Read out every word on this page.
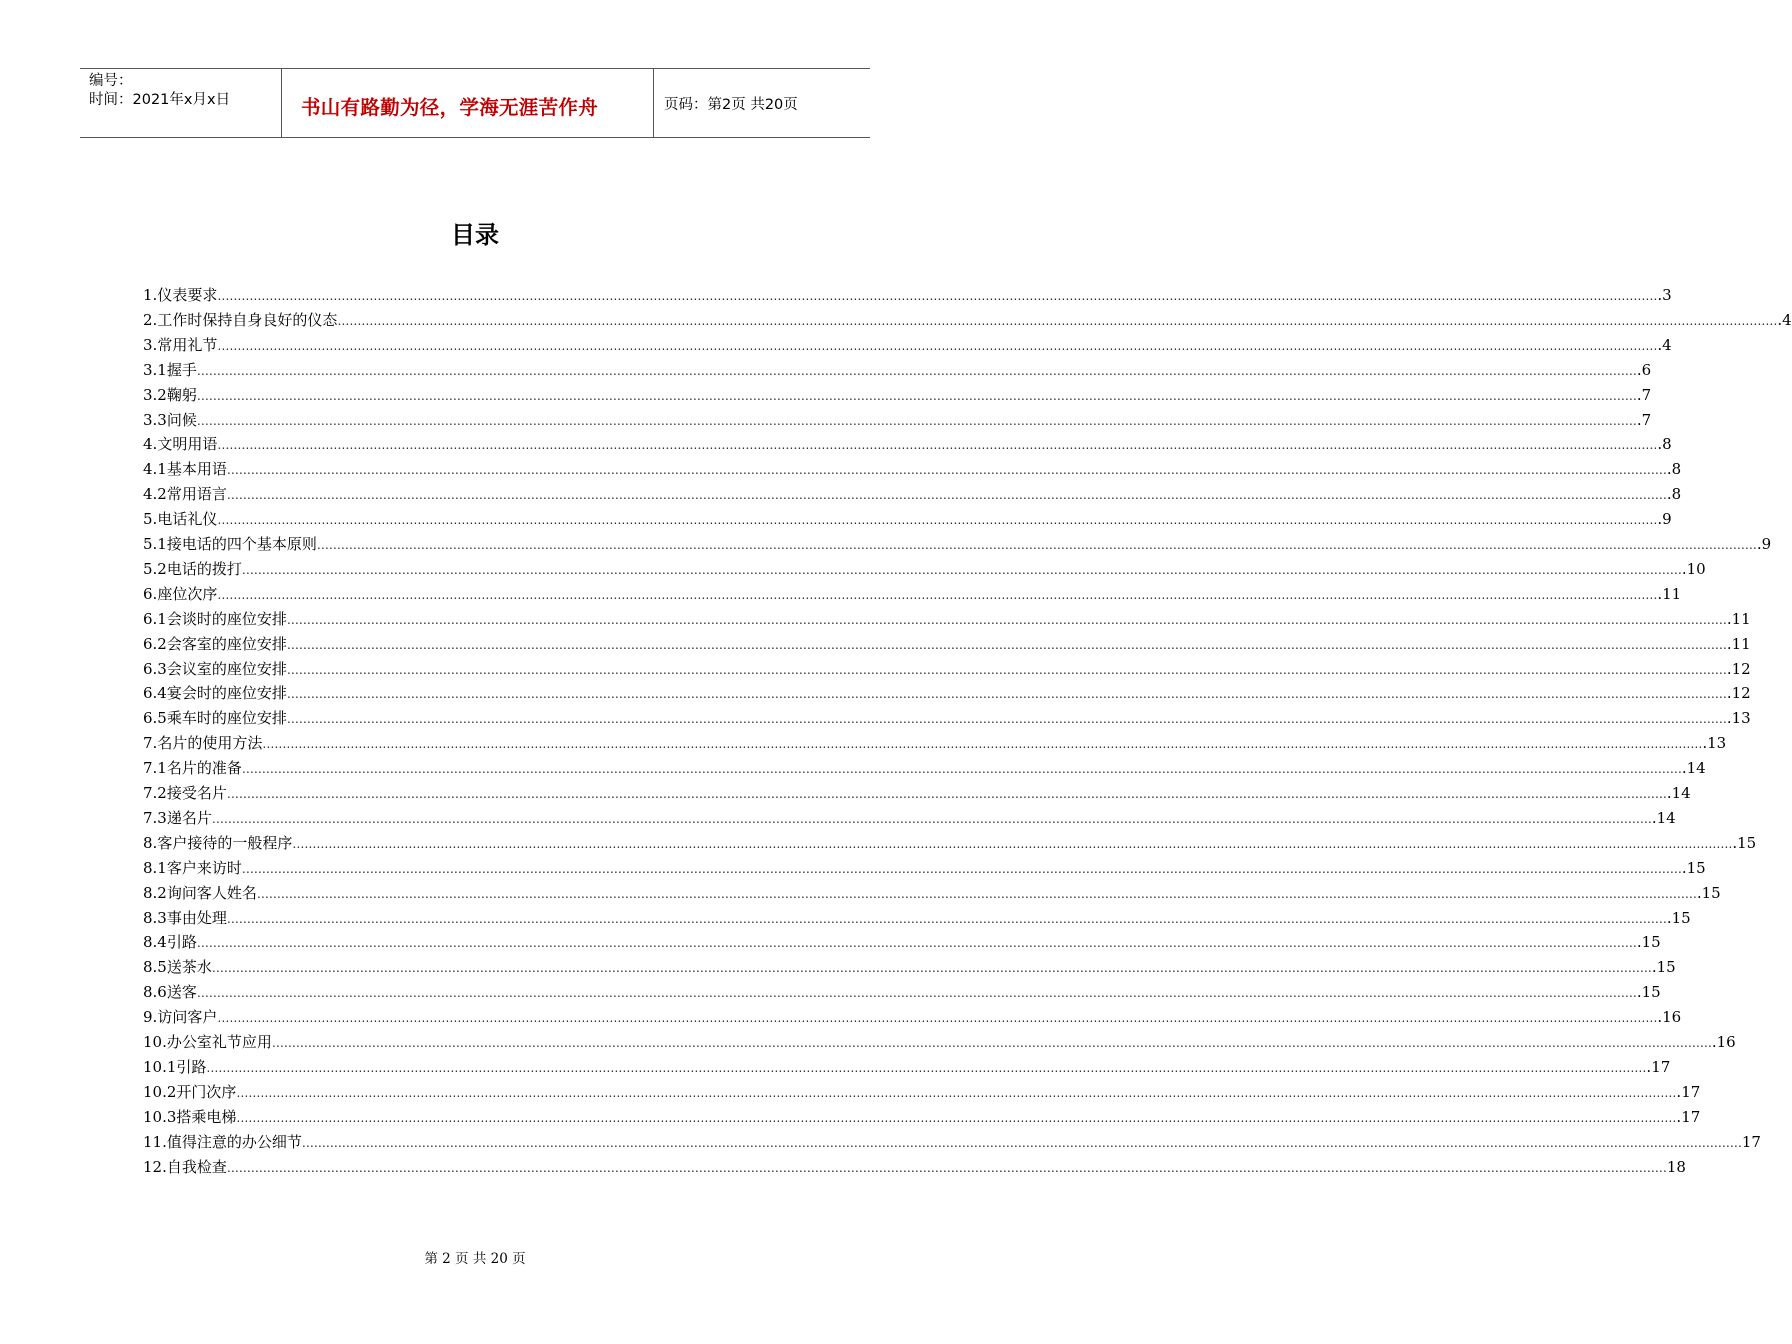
编号：
时间：2021年x月x日	书山有路勤为径，学海无涯苦作舟	页码：第2页 共20页
目录
1. 仪表要求 ……………………………………………………………………………………………………………………………………………………………………………………………………………………………………………………………………………………………………………………………… .3
2. 工作时保持自身良好的仪态 ……………………………………………………………………………………………………………………………………………………………………………………………………………………………………………………………………………………………………………………………… .4
3. 常用礼节 ……………………………………………………………………………………………………………………………………………………………………………………………………………………………………………………………………………………………………………………………… .4
3.1 握手 ……………………………………………………………………………………………………………………………………………………………………………………………………………………………………………………………………………………………………………………………… .6
3.2 鞠躬 ……………………………………………………………………………………………………………………………………………………………………………………………………………………………………………………………………………………………………………………………… .7
3.3 问候 ……………………………………………………………………………………………………………………………………………………………………………………………………………………………………………………………………………………………………………………………… .7
4. 文明用语 ……………………………………………………………………………………………………………………………………………………………………………………………………………………………………………………………………………………………………………………………… .8
4.1 基本用语 ……………………………………………………………………………………………………………………………………………………………………………………………………………………………………………………………………………………………………………………………… .8
4.2 常用语言 ……………………………………………………………………………………………………………………………………………………………………………………………………………………………………………………………………………………………………………………………… .8
5. 电话礼仪 ……………………………………………………………………………………………………………………………………………………………………………………………………………………………………………………………………………………………………………………………… .9
5.1 接电话的四个基本原则 ……………………………………………………………………………………………………………………………………………………………………………………………………………………………………………………………………………………………………………………………… .9
5.2 电话的拨打 ……………………………………………………………………………………………………………………………………………………………………………………………………………………………………………………………………………………………………………………………… .10
6. 座位次序 ……………………………………………………………………………………………………………………………………………………………………………………………………………………………………………………………………………………………………………………………… .11
6.1 会谈时的座位安排 ……………………………………………………………………………………………………………………………………………………………………………………………………………………………………………………………………………………………………………………………… .11
6.2 会客室的座位安排 ……………………………………………………………………………………………………………………………………………………………………………………………………………………………………………………………………………………………………………………………… .11
6.3 会议室的座位安排 ……………………………………………………………………………………………………………………………………………………………………………………………………………………………………………………………………………………………………………………………… .12
6.4 宴会时的座位安排 ……………………………………………………………………………………………………………………………………………………………………………………………………………………………………………………………………………………………………………………………… .12
6.5 乘车时的座位安排 ……………………………………………………………………………………………………………………………………………………………………………………………………………………………………………………………………………………………………………………………… .13
7. 名片的使用方法 ……………………………………………………………………………………………………………………………………………………………………………………………………………………………………………………………………………………………………………………………… .13
7.1 名片的准备 ……………………………………………………………………………………………………………………………………………………………………………………………………………………………………………………………………………………………………………………………… .14
7.2 接受名片 ……………………………………………………………………………………………………………………………………………………………………………………………………………………………………………………………………………………………………………………………… .14
7.3 递名片 ……………………………………………………………………………………………………………………………………………………………………………………………………………………………………………………………………………………………………………………………… .14
8. 客户接待的一般程序 ……………………………………………………………………………………………………………………………………………………………………………………………………………………………………………………………………………………………………………………………… .15
8.1 客户来访时 ……………………………………………………………………………………………………………………………………………………………………………………………………………………………………………………………………………………………………………………………… .15
8.2 询问客人姓名 ……………………………………………………………………………………………………………………………………………………………………………………………………………………………………………………………………………………………………………………………… .15
8.3 事由处理 ……………………………………………………………………………………………………………………………………………………………………………………………………………………………………………………………………………………………………………………………… .15
8.4 引路 ……………………………………………………………………………………………………………………………………………………………………………………………………………………………………………………………………………………………………………………………… .15
8.5 送茶水 ……………………………………………………………………………………………………………………………………………………………………………………………………………………………………………………………………………………………………………………………… .15
8.6 送客 ……………………………………………………………………………………………………………………………………………………………………………………………………………………………………………………………………………………………………………………………… .15
9. 访问客户 ……………………………………………………………………………………………………………………………………………………………………………………………………………………………………………………………………………………………………………………………… .16
10. 办公室礼节应用 ……………………………………………………………………………………………………………………………………………………………………………………………………………………………………………………………………………………………………………………………… .16
10.1 引路 ……………………………………………………………………………………………………………………………………………………………………………………………………………………………………………………………………………………………………………………………… .17
10.2 开门次序 ……………………………………………………………………………………………………………………………………………………………………………………………………………………………………………………………………………………………………………………………… .17
10.3 搭乘电梯 ……………………………………………………………………………………………………………………………………………………………………………………………………………………………………………………………………………………………………………………………… .17
11. 值得注意的办公细节 ……………………………………………………………………………………………………………………………………………………………………………………………………………………………………………………………………………………………………………………………… 17
12. 自我检查 ……………………………………………………………………………………………………………………………………………………………………………………………………………………………………………………………………………………………………………………………… 18
第 2 页 共 20 页
